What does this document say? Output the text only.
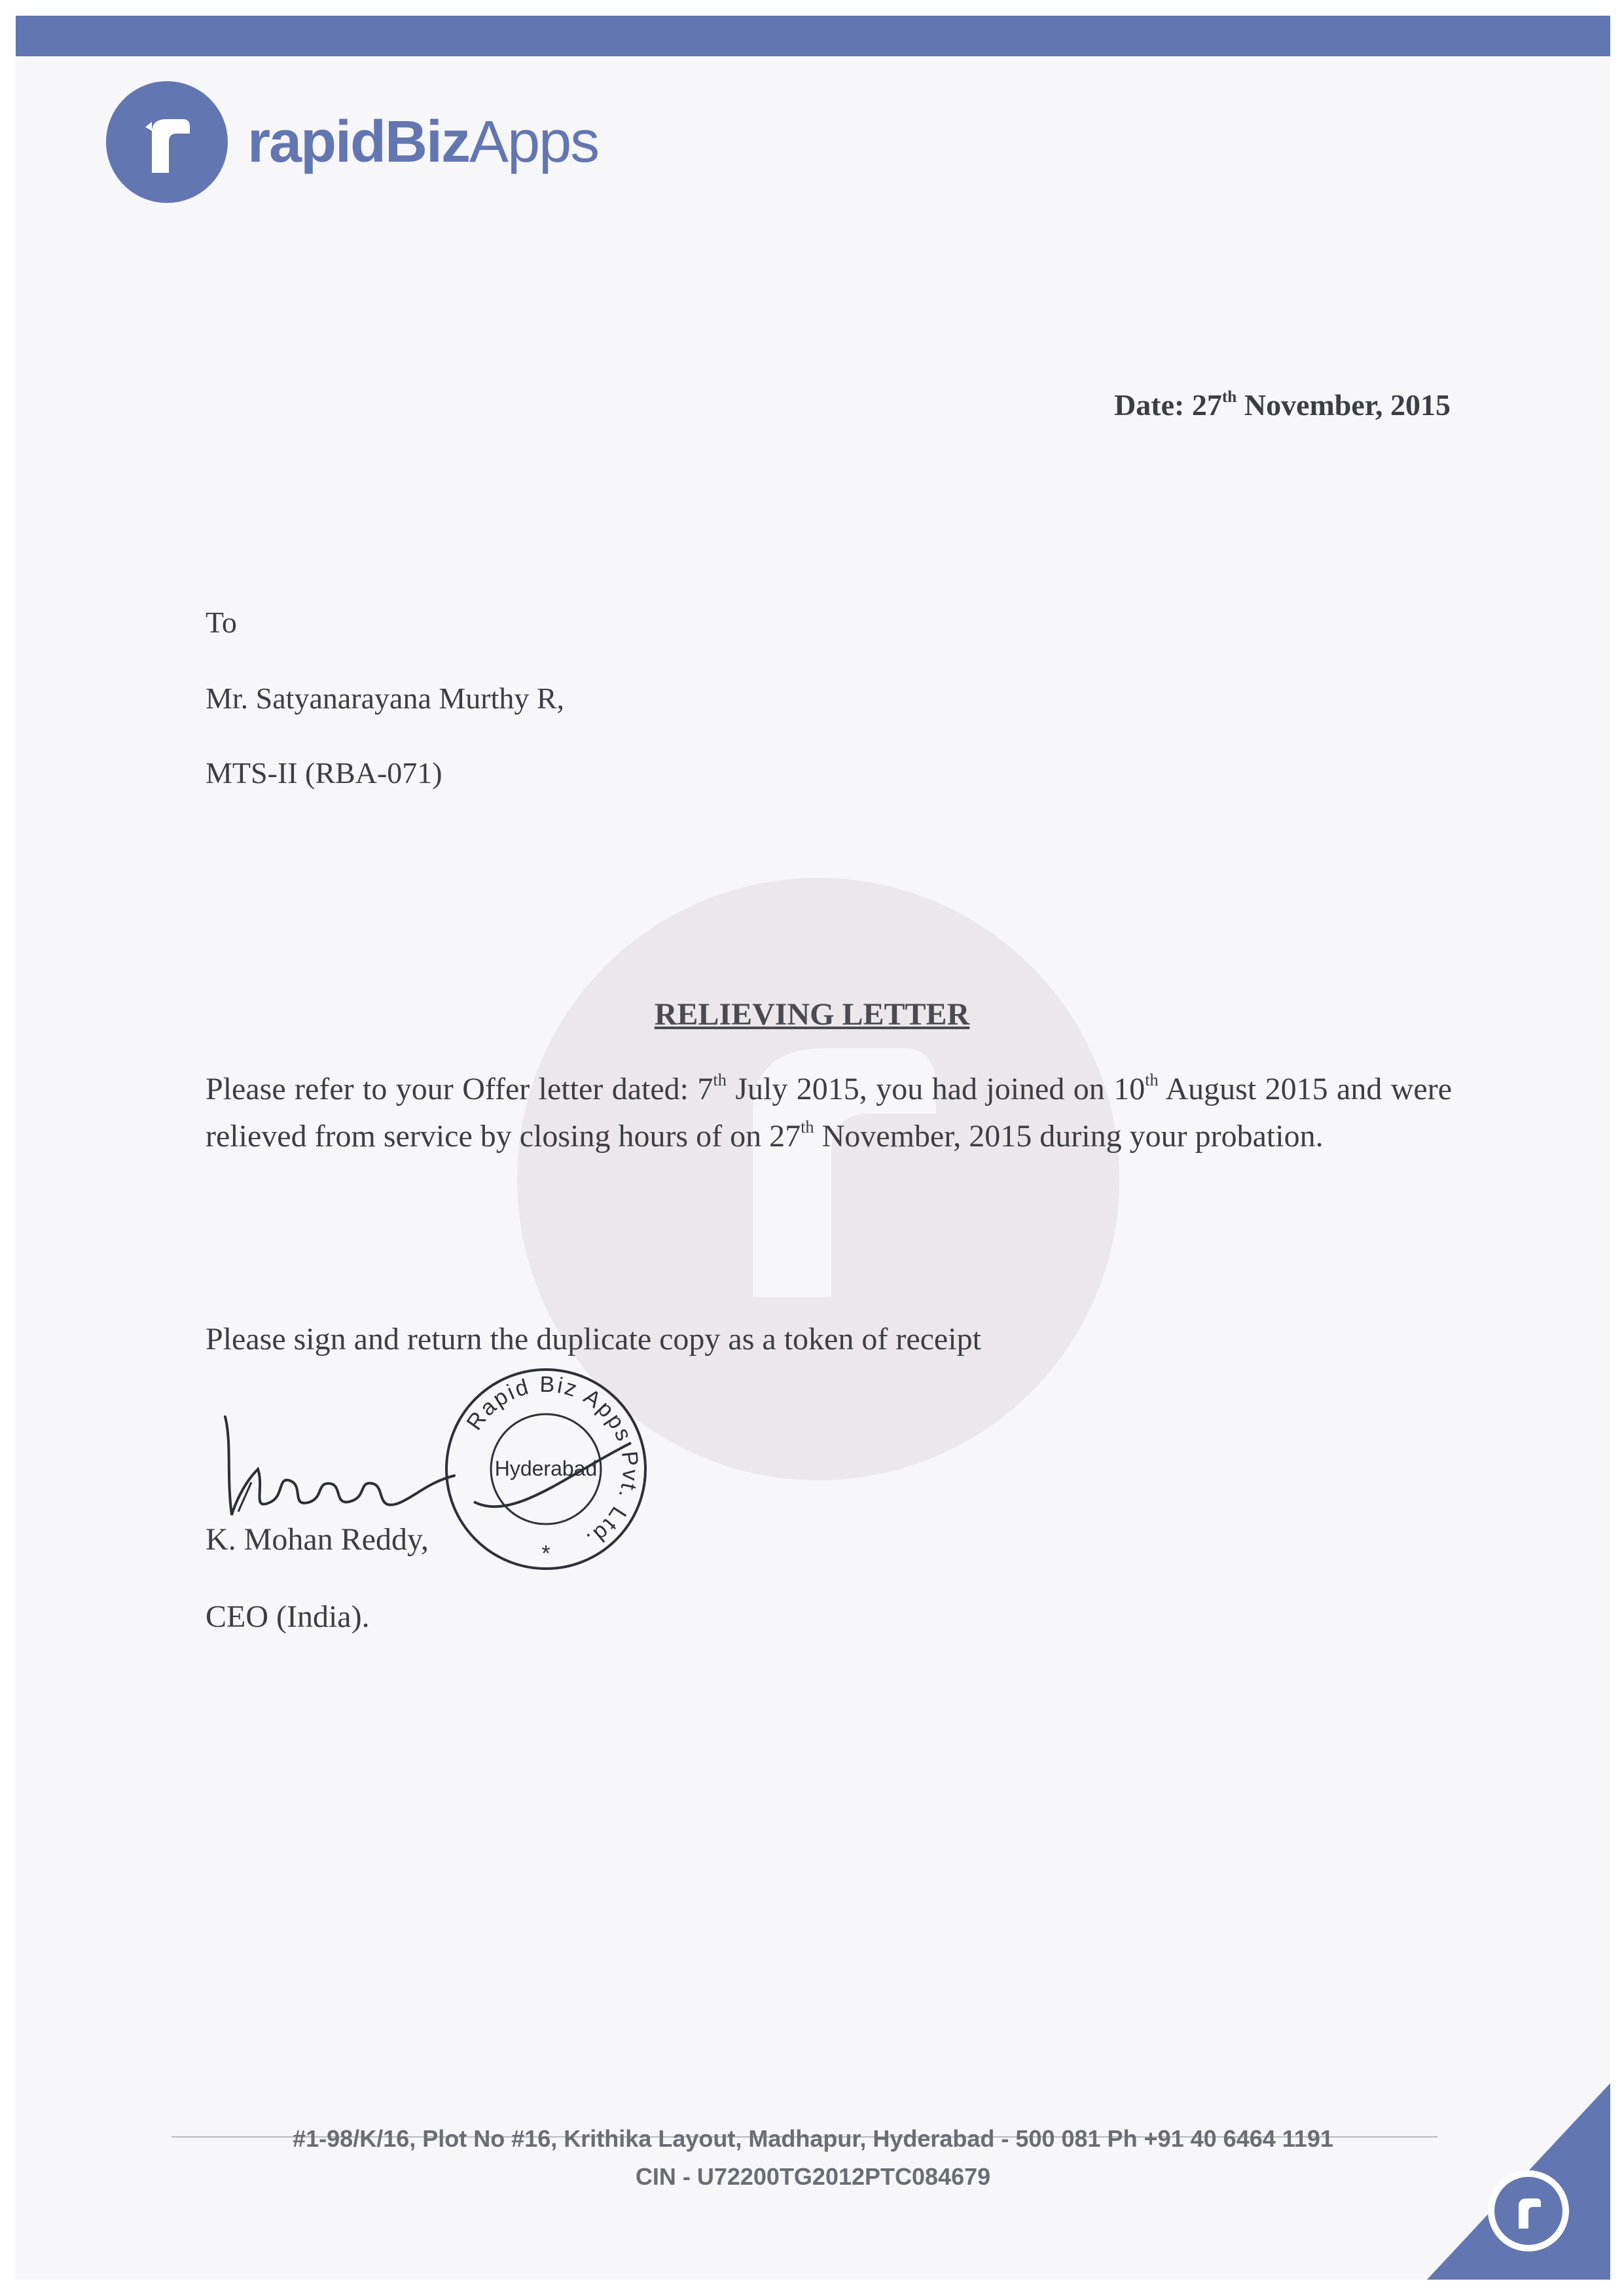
rapidBizApps
Date: 27th November, 2015
To
Mr. Satyanarayana Murthy R,
MTS-II (RBA-071)
RELIEVING LETTER
Please refer to your Offer letter dated: 7th July 2015, you had joined on 10th August 2015 and were relieved from service by closing hours of on 27th November, 2015 during your probation.
Please sign and return the duplicate copy as a token of receipt
Rapid Biz Apps Pvt. Ltd.
Hyderabad
*
K. Mohan Reddy,
CEO (India).
#1-98/K/16, Plot No #16, Krithika Layout, Madhapur, Hyderabad - 500 081 Ph +91 40 6464 1191
CIN - U72200TG2012PTC084679
